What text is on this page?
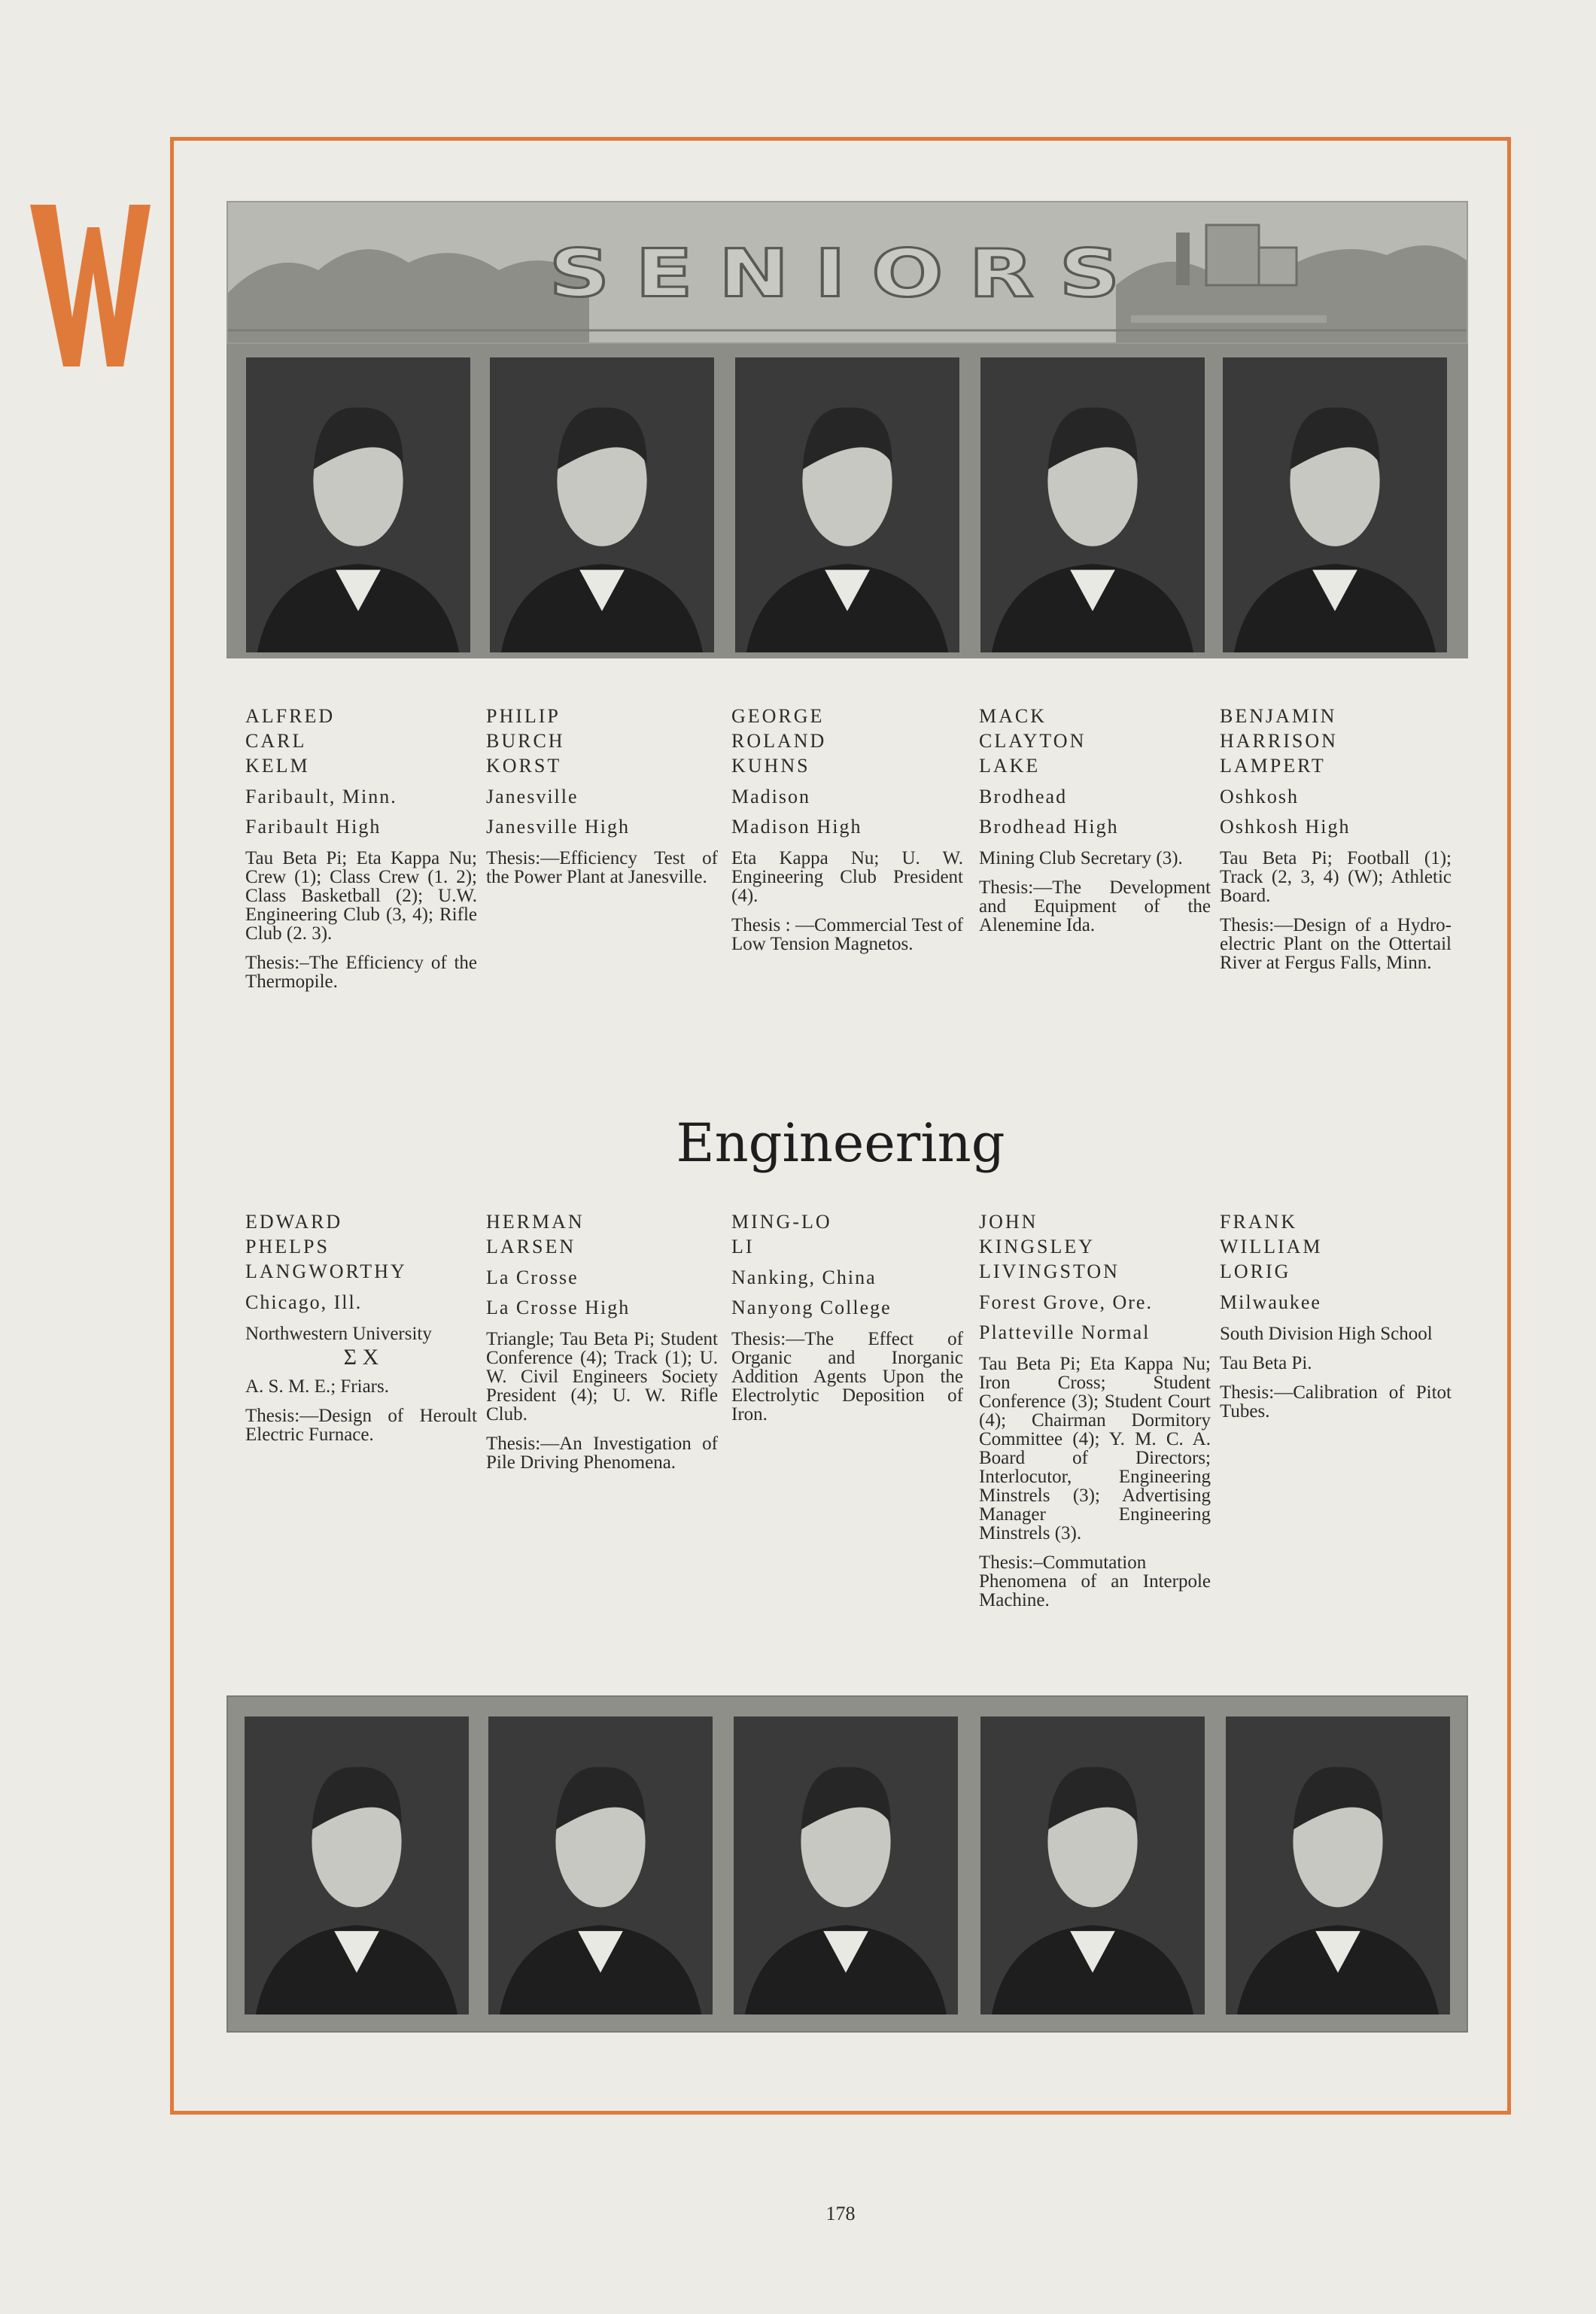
SENIORS
ALFRED
CARL
KELM
Faribault, Minn.
Faribault High
Tau Beta Pi; Eta Kappa Nu; Crew (1); Class Crew (1. 2); Class Basketball (2); U.W. Engineering Club (3, 4); Rifle Club (2. 3).
Thesis:–The Efficiency of the Thermopile.
PHILIP
BURCH
KORST
Janesville
Janesville High
Thesis:—Efficiency Test of the Power Plant at Janesville.
GEORGE
ROLAND
KUHNS
Madison
Madison High
Eta Kappa Nu; U. W. Engineering Club President (4).
Thesis : —Commercial Test of Low Tension Magnetos.
MACK
CLAYTON
LAKE
Brodhead
Brodhead High
Mining Club Secretary (3).
Thesis:—The Development and Equipment of the Alenemine Ida.
BENJAMIN
HARRISON
LAMPERT
Oshkosh
Oshkosh High
Tau Beta Pi; Football (1); Track (2, 3, 4) (W); Athletic Board.
Thesis:—Design of a Hydro-electric Plant on the Ottertail River at Fergus Falls, Minn.
Engineering
EDWARD
PHELPS
LANGWORTHY
Chicago, Ill.
Northwestern University
Σ X
A. S. M. E.; Friars.
Thesis:—Design of Heroult Electric Furnace.
HERMAN
LARSEN
La Crosse
La Crosse High
Triangle; Tau Beta Pi; Student Conference (4); Track (1); U. W. Civil Engineers Society President (4); U. W. Rifle Club.
Thesis:—An Investigation of Pile Driving Phenomena.
MING-LO
LI
Nanking, China
Nanyong College
Thesis:—The Effect of Organic and Inorganic Addition Agents Upon the Electrolytic Deposition of Iron.
JOHN
KINGSLEY
LIVINGSTON
Forest Grove, Ore.
Platteville Normal
Tau Beta Pi; Eta Kappa Nu; Iron Cross; Student Conference (3); Student Court (4); Chairman Dormitory Committee (4); Y. M. C. A. Board of Directors; Interlocutor, Engineering Minstrels (3); Advertising Manager Engineering Minstrels (3).
Thesis:–Commutation Phenomena of an Interpole Machine.
FRANK
WILLIAM
LORIG
Milwaukee
South Division High School
Tau Beta Pi.
Thesis:—Calibration of Pitot Tubes.
178
